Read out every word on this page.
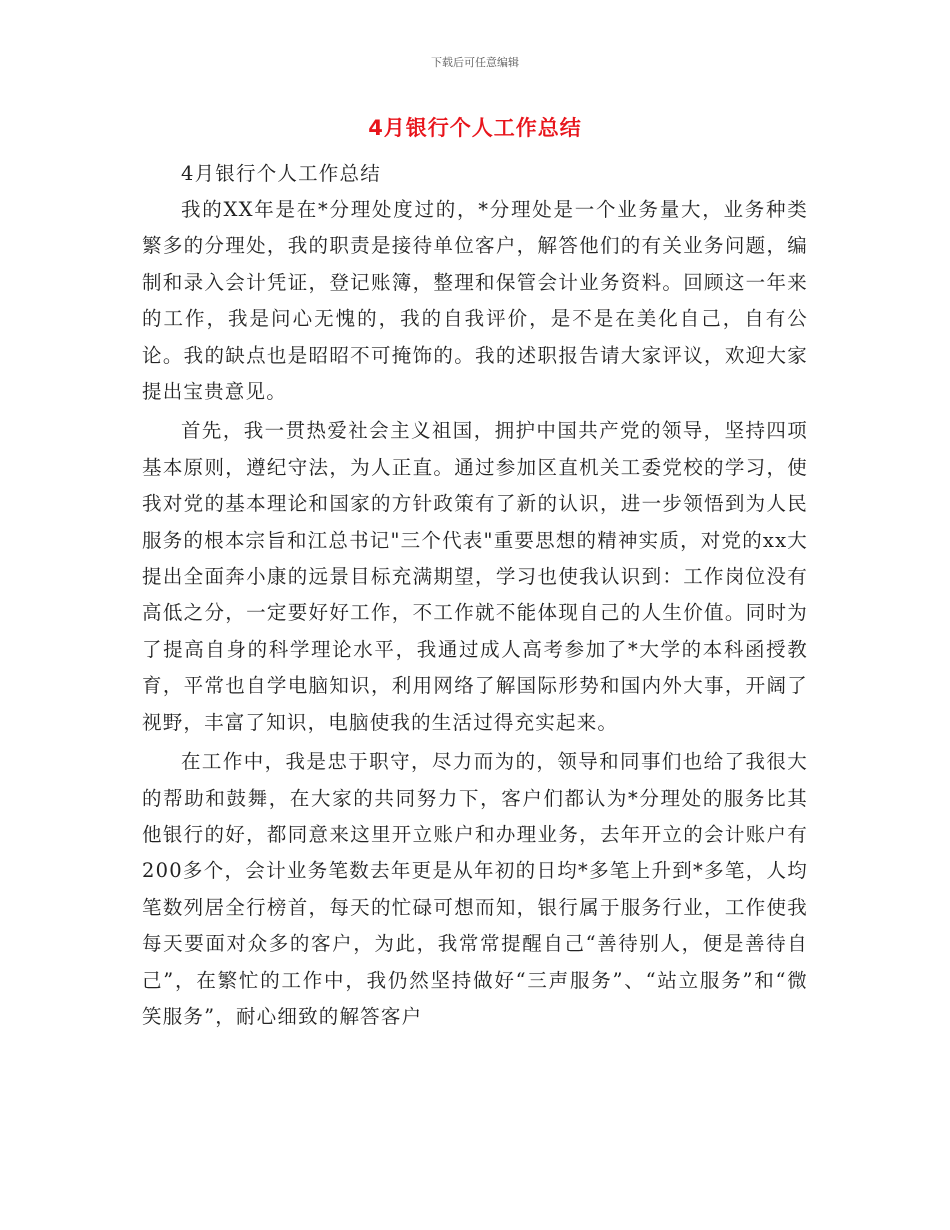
下载后可任意编辑
4月银行个人工作总结

4月银行个人工作总结

我的XX年是在*分理处度过的，*分理处是一个业务量大，业务种类繁多的分理处，我的职责是接待单位客户，解答他们的有关业务问题，编制和录入会计凭证，登记账簿，整理和保管会计业务资料。回顾这一年来的工作，我是问心无愧的，我的自我评价，是不是在美化自己，自有公论。我的缺点也是昭昭不可掩饰的。我的述职报告请大家评议，欢迎大家提出宝贵意见。

首先，我一贯热爱社会主义祖国，拥护中国共产党的领导，坚持四项基本原则，遵纪守法，为人正直。通过参加区直机关工委党校的学习，使我对党的基本理论和国家的方针政策有了新的认识，进一步领悟到为人民服务的根本宗旨和江总书记"三个代表"重要思想的精神实质，对党的xx大提出全面奔小康的远景目标充满期望，学习也使我认识到：工作岗位没有高低之分，一定要好好工作，不工作就不能体现自己的人生价值。同时为了提高自身的科学理论水平，我通过成人高考参加了*大学的本科函授教育，平常也自学电脑知识，利用网络了解国际形势和国内外大事，开阔了视野，丰富了知识，电脑使我的生活过得充实起来。

在工作中，我是忠于职守，尽力而为的，领导和同事们也给了我很大的帮助和鼓舞，在大家的共同努力下，客户们都认为*分理处的服务比其他银行的好，都同意来这里开立账户和办理业务，去年开立的会计账户有200多个，会计业务笔数去年更是从年初的日均*多笔上升到*多笔，人均笔数列居全行榜首，每天的忙碌可想而知，银行属于服务行业，工作使我每天要面对众多的客户，为此，我常常提醒自己“善待别人，便是善待自己”，在繁忙的工作中，我仍然坚持做好“三声服务”、“站立服务”和“微笑服务”，耐心细致的解答客户
